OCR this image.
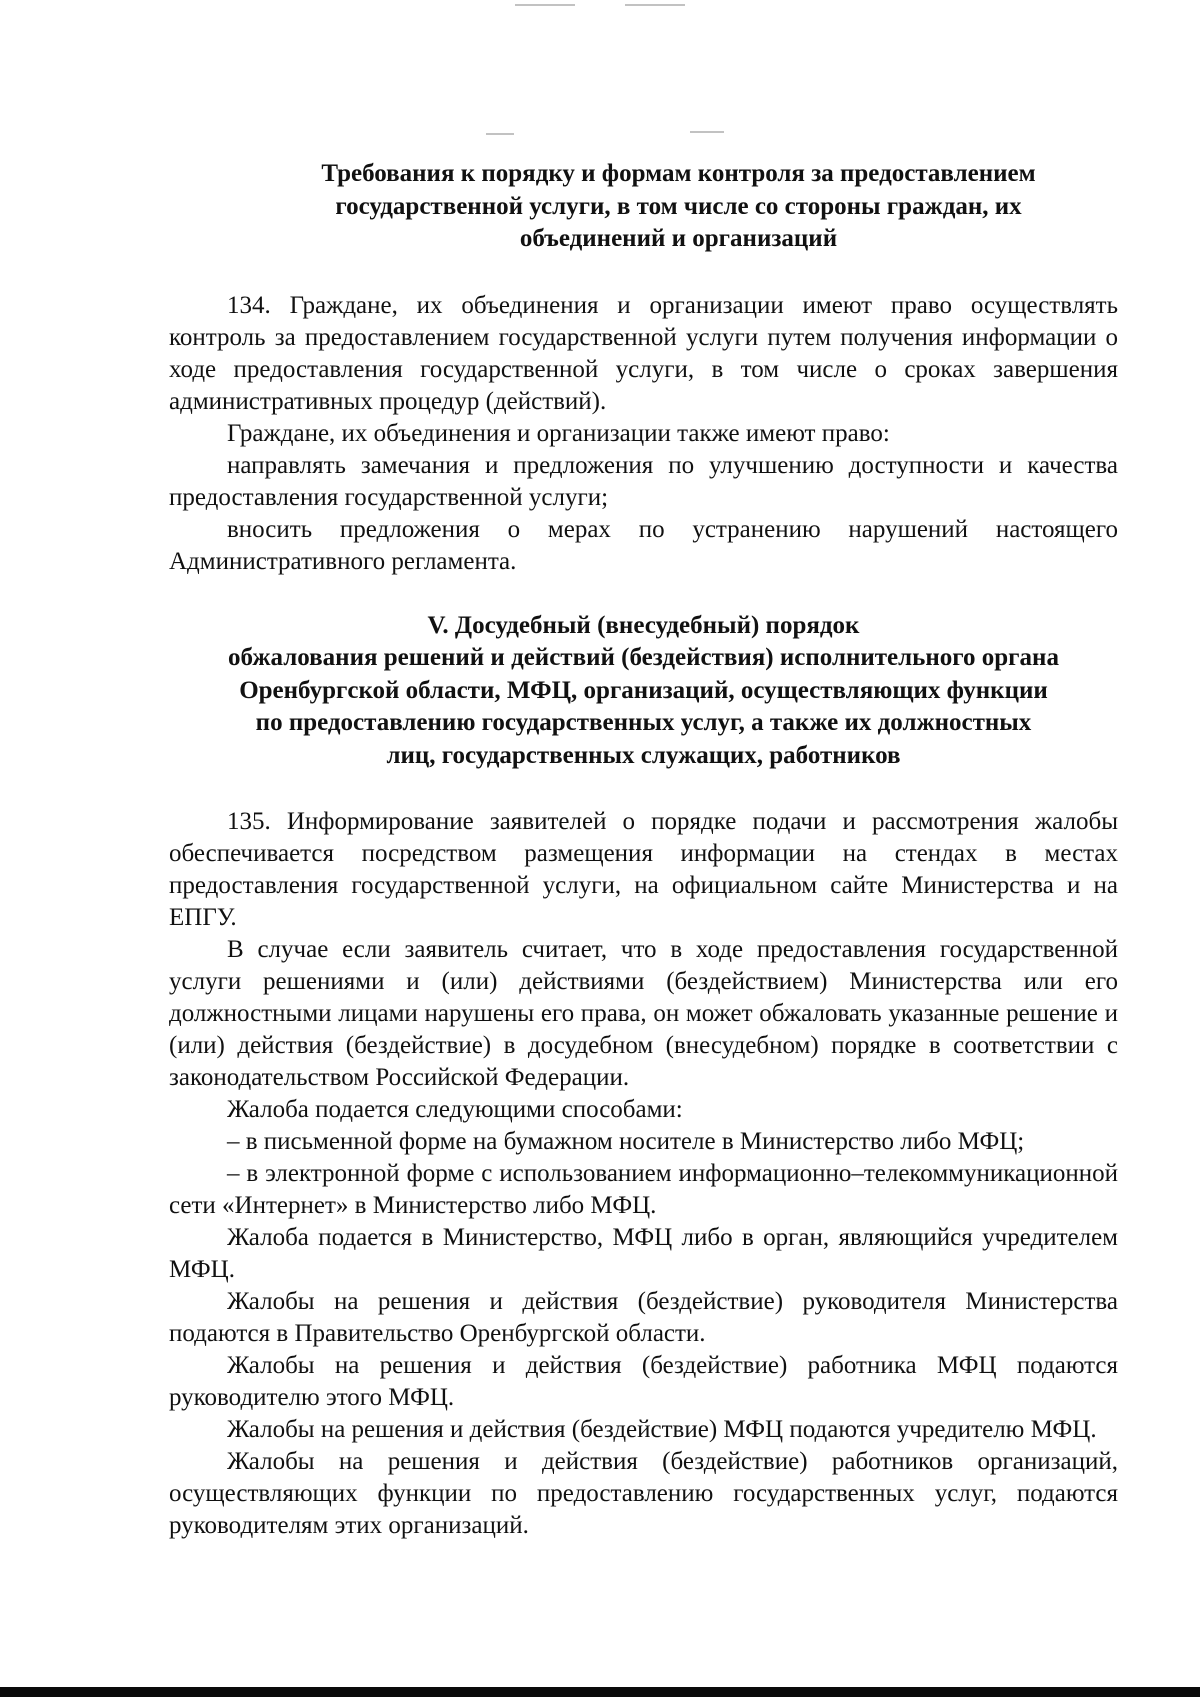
Требования к порядку и формам контроля за предоставлением
государственной услуги, в том числе со стороны граждан, их
объединений и организаций

134. Граждане, их объединения и организации имеют право осуществлять контроль за предоставлением государственной услуги путем получения информации о ходе предоставления государственной услуги, в том числе о сроках завершения административных процедур (действий).

Граждане, их объединения и организации также имеют право:

направлять замечания и предложения по улучшению доступности и качества предоставления государственной услуги;

вносить предложения о мерах по устранению нарушений настоящего Административного регламента.

V. Досудебный (внесудебный) порядок
обжалования решений и действий (бездействия) исполнительного органа
Оренбургской области, МФЦ, организаций, осуществляющих функции
по предоставлению государственных услуг, а также их должностных
лиц, государственных служащих, работников

135. Информирование заявителей о порядке подачи и рассмотрения жалобы обеспечивается посредством размещения информации на стендах в местах предоставления государственной услуги, на официальном сайте Министерства и на ЕПГУ.

В случае если заявитель считает, что в ходе предоставления государственной услуги решениями и (или) действиями (бездействием) Министерства или его должностными лицами нарушены его права, он может обжаловать указанные решение и (или) действия (бездействие) в досудебном (внесудебном) порядке в соответствии с законодательством Российской Федерации.

Жалоба подается следующими способами:

– в письменной форме на бумажном носителе в Министерство либо МФЦ;

– в электронной форме с использованием информационно–телекоммуникационной сети «Интернет» в Министерство либо МФЦ.

Жалоба подается в Министерство, МФЦ либо в орган, являющийся учредителем МФЦ.

Жалобы на решения и действия (бездействие) руководителя Министерства подаются в Правительство Оренбургской области.

Жалобы на решения и действия (бездействие) работника МФЦ подаются руководителю этого МФЦ.

Жалобы на решения и действия (бездействие) МФЦ подаются учредителю МФЦ.

Жалобы на решения и действия (бездействие) работников организаций, осуществляющих функции по предоставлению государственных услуг, подаются руководителям этих организаций.
